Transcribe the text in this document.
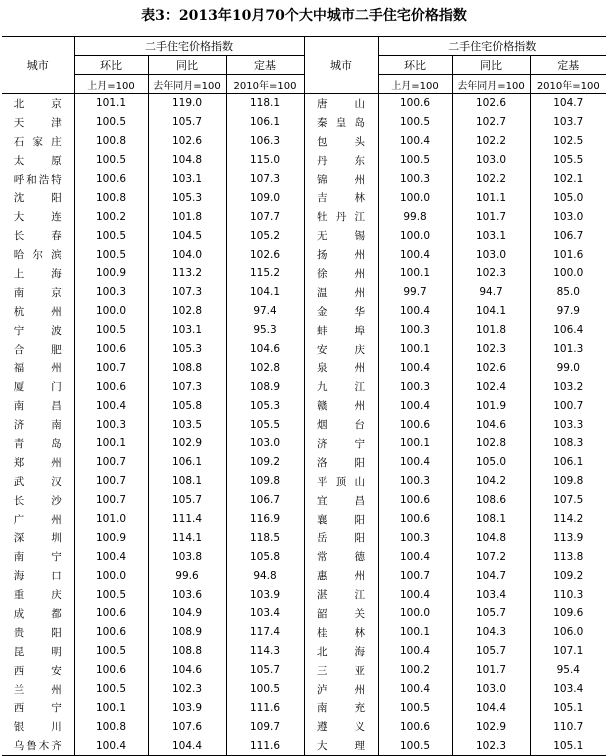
表3：2013年10月70个大中城市二手住宅价格指数
城市	二手住宅价格指数			城市	二手住宅价格指数		
	环比	同比	定基		环比	同比	定基
	上月=100	去年同月=100	2010年=100		上月=100	去年同月=100	2010年=100
北京	101.1	119.0	118.1	唐山	100.6	102.6	104.7
天津	100.5	105.7	106.1	秦皇岛	100.5	102.7	103.7
石家庄	100.8	102.6	106.3	包头	100.4	102.2	102.5
太原	100.5	104.8	115.0	丹东	100.5	103.0	105.5
呼和浩特	100.6	103.1	107.3	锦州	100.3	102.2	102.1
沈阳	100.8	105.3	109.0	吉林	100.0	101.1	105.0
大连	100.2	101.8	107.7	牡丹江	99.8	101.7	103.0
长春	100.5	104.5	105.2	无锡	100.0	103.1	106.7
哈尔滨	100.5	104.0	102.6	扬州	100.4	103.0	101.6
上海	100.9	113.2	115.2	徐州	100.1	102.3	100.0
南京	100.3	107.3	104.1	温州	99.7	94.7	85.0
杭州	100.0	102.8	97.4	金华	100.4	104.1	97.9
宁波	100.5	103.1	95.3	蚌埠	100.3	101.8	106.4
合肥	100.6	105.3	104.6	安庆	100.1	102.3	101.3
福州	100.7	108.8	102.8	泉州	100.4	102.6	99.0
厦门	100.6	107.3	108.9	九江	100.3	102.4	103.2
南昌	100.4	105.8	105.3	赣州	100.4	101.9	100.7
济南	100.3	103.5	105.5	烟台	100.6	104.6	103.3
青岛	100.1	102.9	103.0	济宁	100.1	102.8	108.3
郑州	100.7	106.1	109.2	洛阳	100.4	105.0	106.1
武汉	100.7	108.1	109.8	平顶山	100.3	104.2	109.8
长沙	100.7	105.7	106.7	宜昌	100.6	108.6	107.5
广州	101.0	111.4	116.9	襄阳	100.6	108.1	114.2
深圳	100.9	114.1	118.5	岳阳	100.3	104.8	113.9
南宁	100.4	103.8	105.8	常德	100.4	107.2	113.8
海口	100.0	99.6	94.8	惠州	100.7	104.7	109.2
重庆	100.5	103.6	103.9	湛江	100.4	103.4	110.3
成都	100.6	104.9	103.4	韶关	100.0	105.7	109.6
贵阳	100.6	108.9	117.4	桂林	100.1	104.3	106.0
昆明	100.5	108.8	114.3	北海	100.4	105.7	107.1
西安	100.6	104.6	105.7	三亚	100.2	101.7	95.4
兰州	100.5	102.3	100.5	泸州	100.4	103.0	103.4
西宁	100.1	103.9	111.6	南充	100.5	104.4	105.1
银川	100.8	107.6	109.7	遵义	100.6	102.9	110.7
乌鲁木齐	100.4	104.4	111.6	大理	100.5	102.3	105.1
